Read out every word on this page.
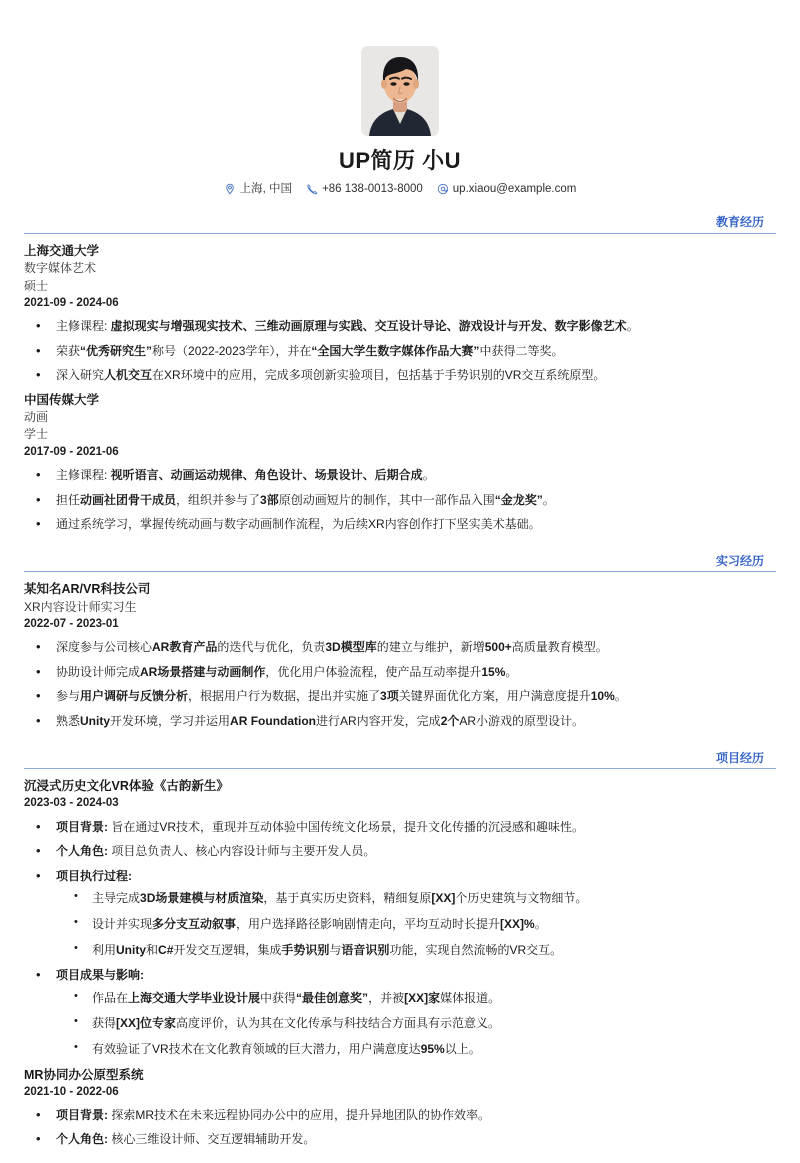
UP简历 小U
上海, 中国	+86 138-0013-8000	up.xiaou@example.com
教育经历
上海交通大学
数字媒体艺术
硕士
2021-09 - 2024-06
• 主修课程: 虚拟现实与增强现实技术、三维动画原理与实践、交互设计导论、游戏设计与开发、数字影像艺术。
• 荣获“优秀研究生”称号（2022-2023学年），并在“全国大学生数字媒体作品大赛”中获得二等奖。
• 深入研究人机交互在XR环境中的应用，完成多项创新实验项目，包括基于手势识别的VR交互系统原型。
中国传媒大学
动画
学士
2017-09 - 2021-06
• 主修课程: 视听语言、动画运动规律、角色设计、场景设计、后期合成。
• 担任动画社团骨干成员，组织并参与了3部原创动画短片的制作，其中一部作品入围“金龙奖”。
• 通过系统学习，掌握传统动画与数字动画制作流程，为后续XR内容创作打下坚实美术基础。
实习经历
某知名AR/VR科技公司
XR内容设计师实习生
2022-07 - 2023-01
• 深度参与公司核心AR教育产品的迭代与优化，负责3D模型库的建立与维护，新增500+高质量教育模型。
• 协助设计师完成AR场景搭建与动画制作，优化用户体验流程，使产品互动率提升15%。
• 参与用户调研与反馈分析，根据用户行为数据，提出并实施了3项关键界面优化方案，用户满意度提升10%。
• 熟悉Unity开发环境，学习并运用AR Foundation进行AR内容开发，完成2个AR小游戏的原型设计。
项目经历
沉浸式历史文化VR体验《古韵新生》
2023-03 - 2024-03
• 项目背景: 旨在通过VR技术，重现并互动体验中国传统文化场景，提升文化传播的沉浸感和趣味性。
• 个人角色: 项目总负责人、核心内容设计师与主要开发人员。
• 项目执行过程:
• 主导完成3D场景建模与材质渲染，基于真实历史资料，精细复原[XX]个历史建筑与文物细节。
• 设计并实现多分支互动叙事，用户选择路径影响剧情走向，平均互动时长提升[XX]%。
• 利用Unity和C#开发交互逻辑，集成手势识别与语音识别功能，实现自然流畅的VR交互。
• 项目成果与影响:
• 作品在上海交通大学毕业设计展中获得“最佳创意奖”，并被[XX]家媒体报道。
• 获得[XX]位专家高度评价，认为其在文化传承与科技结合方面具有示范意义。
• 有效验证了VR技术在文化教育领域的巨大潜力，用户满意度达95%以上。
MR协同办公原型系统
2021-10 - 2022-06
• 项目背景: 探索MR技术在未来远程协同办公中的应用，提升异地团队的协作效率。
• 个人角色: 核心三维设计师、交互逻辑辅助开发。
